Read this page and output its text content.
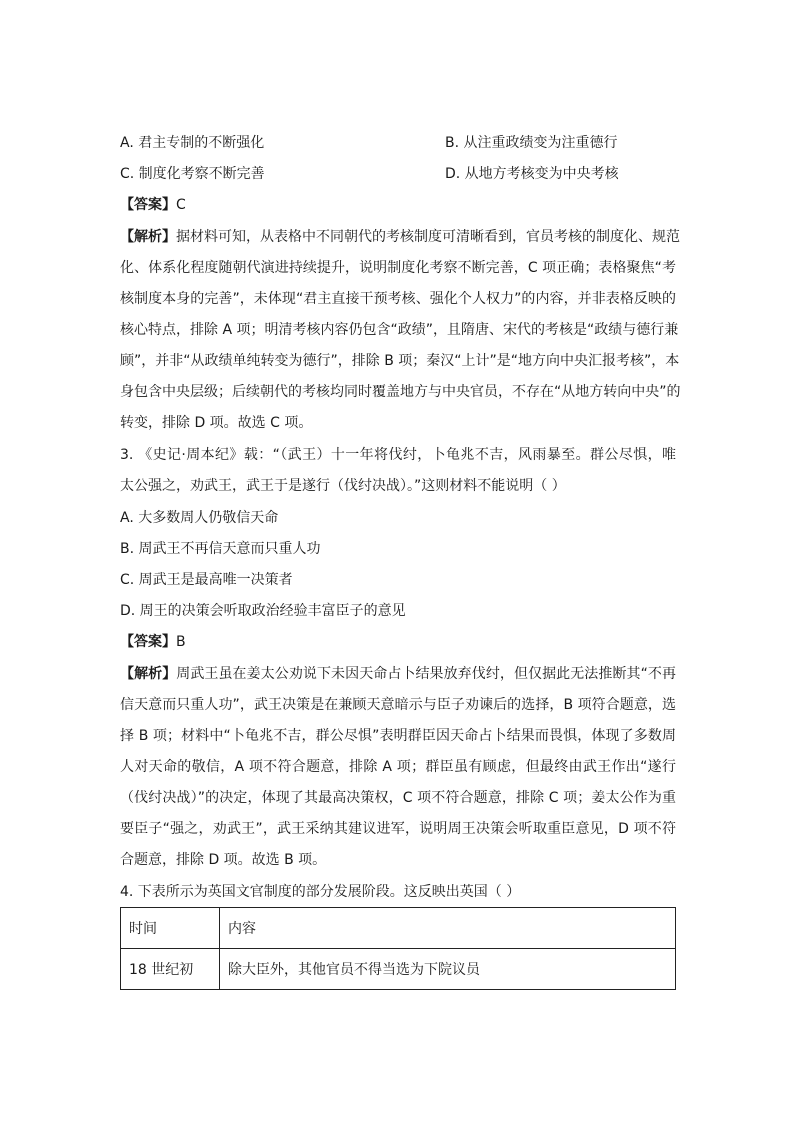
A. 君主专制的不断强化	B. 从注重政绩变为注重德行
C. 制度化考察不断完善	D. 从地方考核变为中央考核
【答案】C
【解析】据材料可知，从表格中不同朝代的考核制度可清晰看到，官员考核的制度化、规范
化、体系化程度随朝代演进持续提升，说明制度化考察不断完善，C 项正确；表格聚焦“考
核制度本身的完善”，未体现“君主直接干预考核、强化个人权力”的内容，并非表格反映的
核心特点，排除 A 项；明清考核内容仍包含“政绩”，且隋唐、宋代的考核是“政绩与德行兼
顾”，并非“从政绩单纯转变为德行”，排除 B 项；秦汉“上计”是“地方向中央汇报考核”，本
身包含中央层级；后续朝代的考核均同时覆盖地方与中央官员，不存在“从地方转向中央”的
转变，排除 D 项。故选 C 项。
3. 《史记·周本纪》载：“（武王）十一年将伐纣，卜龟兆不吉，风雨暴至。群公尽惧，唯
太公强之，劝武王，武王于是遂行（伐纣决战）。”这则材料不能说明（ ）
A. 大多数周人仍敬信天命
B. 周武王不再信天意而只重人功
C. 周武王是最高唯一决策者
D. 周王的决策会听取政治经验丰富臣子的意见
【答案】B
【解析】周武王虽在姜太公劝说下未因天命占卜结果放弃伐纣，但仅据此无法推断其“不再
信天意而只重人功”，武王决策是在兼顾天意暗示与臣子劝谏后的选择，B 项符合题意，选
择 B 项；材料中“卜龟兆不吉，群公尽惧”表明群臣因天命占卜结果而畏惧，体现了多数周
人对天命的敬信，A 项不符合题意，排除 A 项；群臣虽有顾虑，但最终由武王作出“遂行
（伐纣决战）”的决定，体现了其最高决策权，C 项不符合题意，排除 C 项；姜太公作为重
要臣子“强之，劝武王”，武王采纳其建议进军，说明周王决策会听取重臣意见，D 项不符
合题意，排除 D 项。故选 B 项。
4. 下表所示为英国文官制度的部分发展阶段。这反映出英国（ ）
时间	内容
18 世纪初	除大臣外，其他官员不得当选为下院议员
